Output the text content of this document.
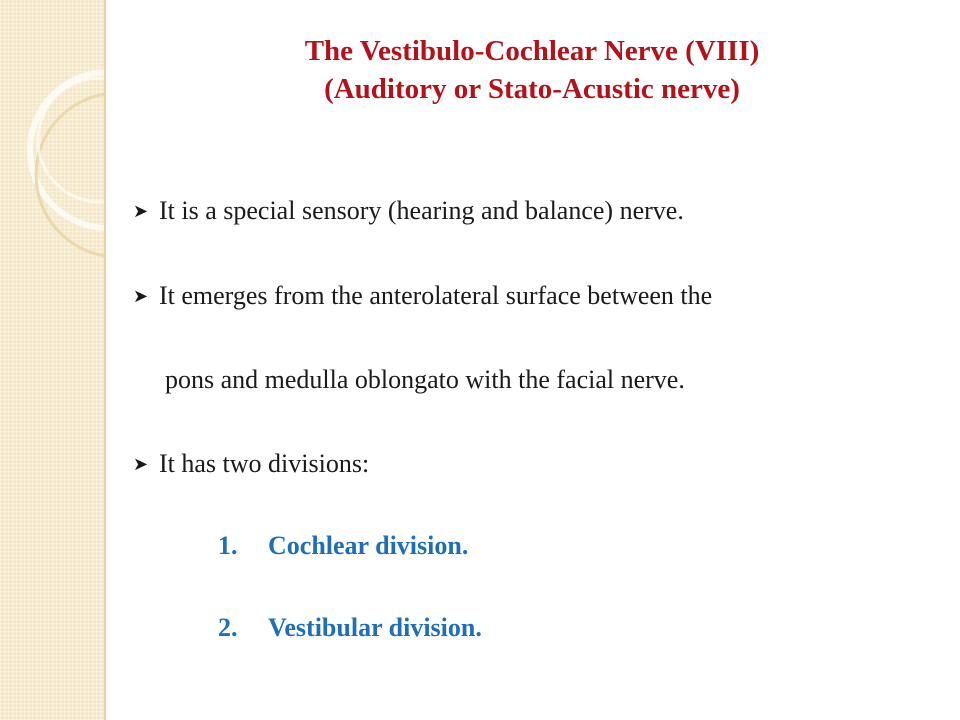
The Vestibulo-Cochlear Nerve (VIII)
(Auditory or Stato-Acustic nerve)
➤ It is a special sensory (hearing and balance) nerve.
➤ It emerges from the anterolateral surface between the
pons and medulla oblongato with the facial nerve.
➤ It has two divisions:
1. Cochlear division.
2. Vestibular division.
